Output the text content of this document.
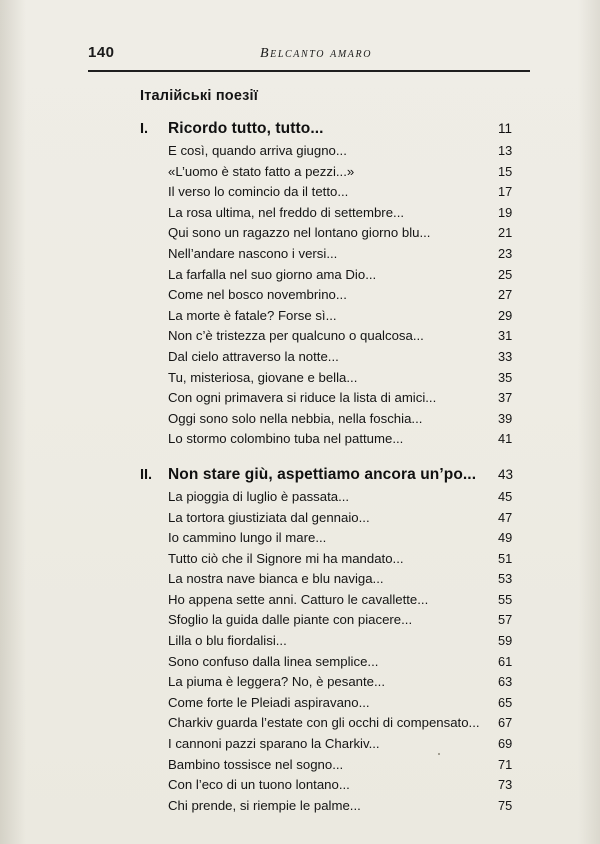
140	Belcanto amaro
Італійські поезії
I.	Ricordo tutto, tutto...	11
E così, quando arriva giugno...	13
«L’uomo è stato fatto a pezzi...»	15
Il verso lo comincio da il tetto...	17
La rosa ultima, nel freddo di settembre...	19
Qui sono un ragazzo nel lontano giorno blu...	21
Nell’andare nascono i versi...	23
La farfalla nel suo giorno ama Dio...	25
Come nel bosco novembrino...	27
La morte è fatale? Forse sì...	29
Non c’è tristezza per qualcuno o qualcosa...	31
Dal cielo attraverso la notte...	33
Tu, misteriosa, giovane e bella...	35
Con ogni primavera si riduce la lista di amici...	37
Oggi sono solo nella nebbia, nella foschia...	39
Lo stormo colombino tuba nel pattume...	41
II.	Non stare giù, aspettiamo ancora un’po...	43
La pioggia di luglio è passata...	45
La tortora giustiziata dal gennaio...	47
Io cammino lungo il mare...	49
Tutto ciò che il Signore mi ha mandato...	51
La nostra nave bianca e blu naviga...	53
Ho appena sette anni. Catturo le cavallette...	55
Sfoglio la guida dalle piante con piacere...	57
Lilla o blu fiordalisi...	59
Sono confuso dalla linea semplice...	61
La piuma è leggera? No, è pesante...	63
Come forte le Pleiadi aspiravano...	65
Charkiv guarda l’estate con gli occhi di compensato...	67
I cannoni pazzi sparano la Charkiv...	69
Bambino tossisce nel sogno...	71
Con l’eco di un tuono lontano...	73
Chi prende, si riempie le palme...	75
